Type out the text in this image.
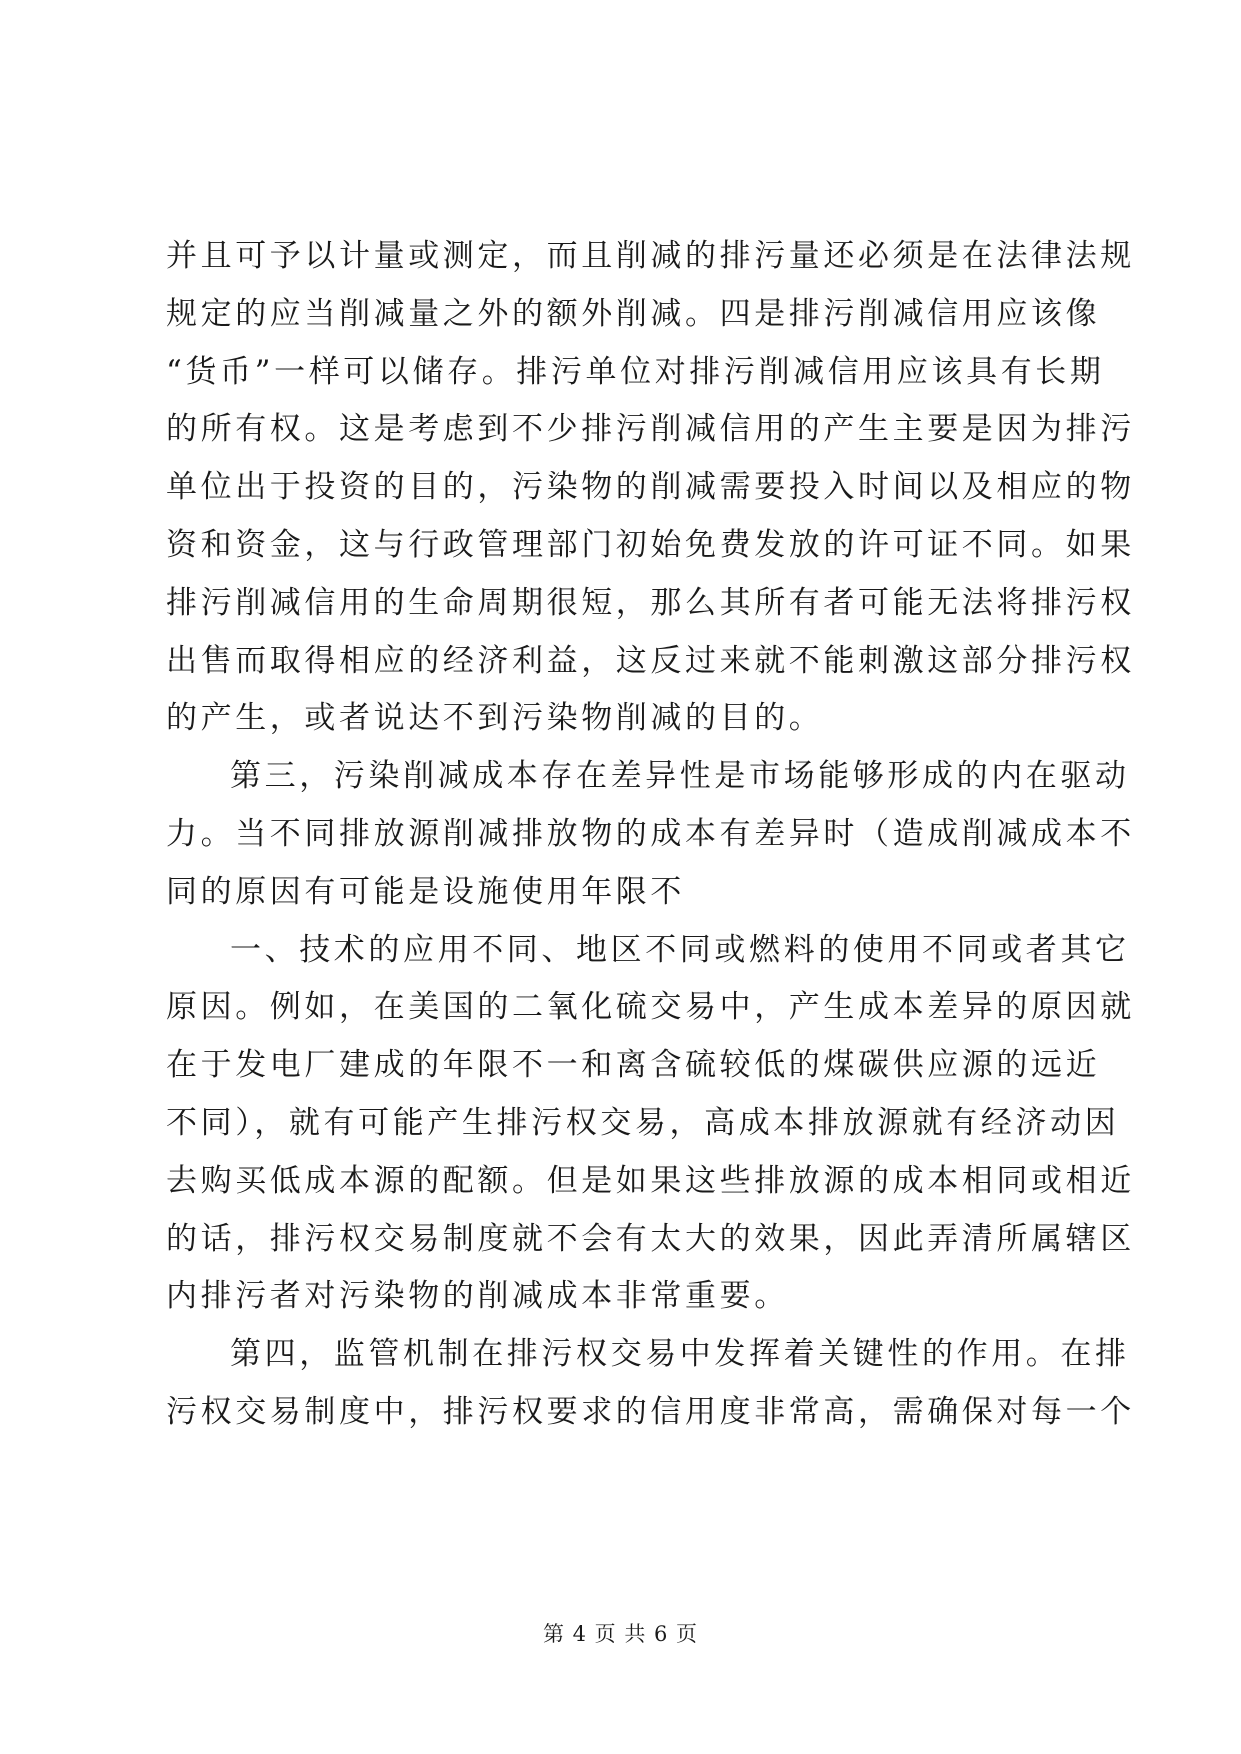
并且可予以计量或测定，而且削减的排污量还必须是在法律法规
规定的应当削减量之外的额外削减。四是排污削减信用应该像
“货币”一样可以储存。排污单位对排污削减信用应该具有长期
的所有权。这是考虑到不少排污削减信用的产生主要是因为排污
单位出于投资的目的，污染物的削减需要投入时间以及相应的物
资和资金，这与行政管理部门初始免费发放的许可证不同。如果
排污削减信用的生命周期很短，那么其所有者可能无法将排污权
出售而取得相应的经济利益，这反过来就不能刺激这部分排污权
的产生，或者说达不到污染物削减的目的。
第三，污染削减成本存在差异性是市场能够形成的内在驱动
力。当不同排放源削减排放物的成本有差异时（造成削减成本不
同的原因有可能是设施使用年限不
一、技术的应用不同、地区不同或燃料的使用不同或者其它
原因。例如，在美国的二氧化硫交易中，产生成本差异的原因就
在于发电厂建成的年限不一和离含硫较低的煤碳供应源的远近
不同），就有可能产生排污权交易，高成本排放源就有经济动因
去购买低成本源的配额。但是如果这些排放源的成本相同或相近
的话，排污权交易制度就不会有太大的效果，因此弄清所属辖区
内排污者对污染物的削减成本非常重要。
第四，监管机制在排污权交易中发挥着关键性的作用。在排
污权交易制度中，排污权要求的信用度非常高，需确保对每一个
第 4 页 共 6 页
